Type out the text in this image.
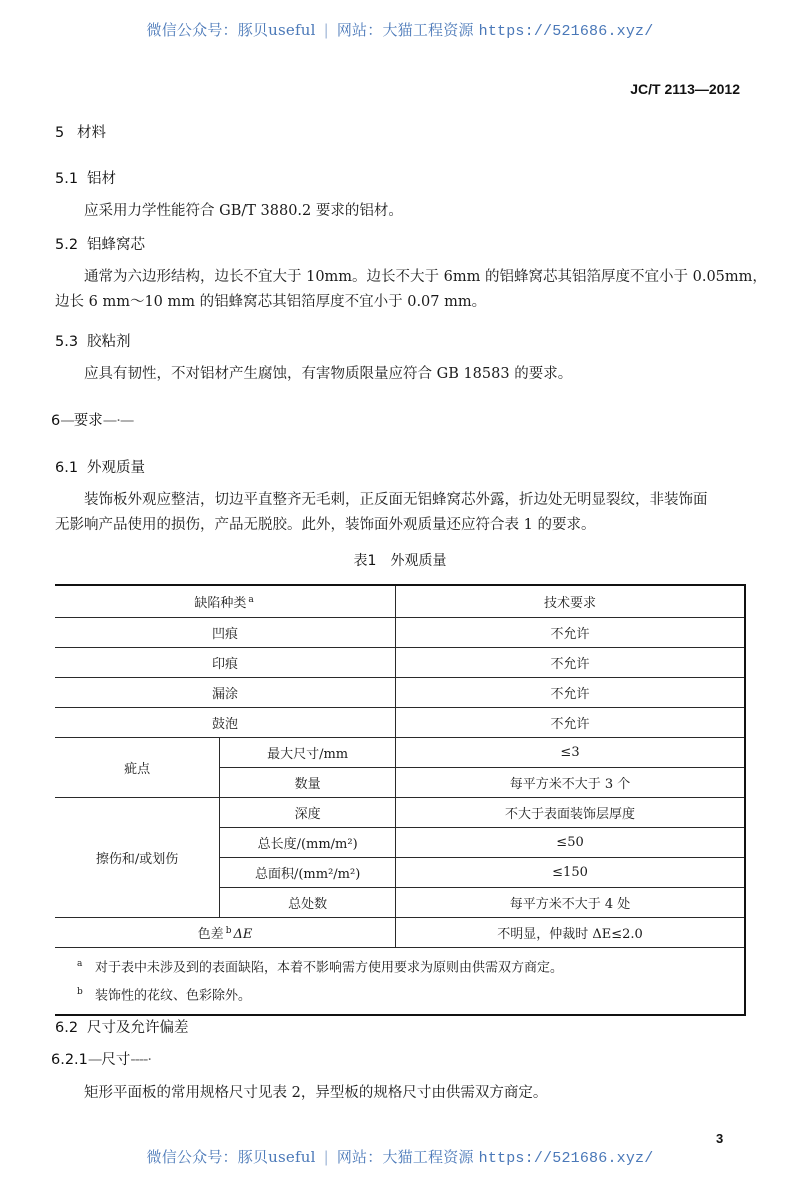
微信公众号：豚贝useful | 网站：大猫工程资源 https://521686.xyz/
JC/T 2113—2012
5 材料
5.1 铝材
应采用力学性能符合 GB/T 3880.2 要求的铝材。
5.2 铝蜂窝芯
通常为六边形结构，边长不宜大于 10mm。边长不大于 6mm 的铝蜂窝芯其铝箔厚度不宜小于 0.05mm，
边长 6 mm～10 mm 的铝蜂窝芯其铝箔厚度不宜小于 0.07 mm。
5.3 胶粘剂
应具有韧性，不对铝材产生腐蚀，有害物质限量应符合 GB 18583 的要求。
6—要求—·—
6.1 外观质量
装饰板外观应整洁，切边平直整齐无毛刺，正反面无铝蜂窝芯外露，折边处无明显裂纹，非装饰面
无影响产品使用的损伤，产品无脱胶。此外，装饰面外观质量还应符合表 1 的要求。
表1 外观质量
缺陷种类 $^a$		技术要求
凹痕		不允许
印痕		不允许
漏涂		不允许
鼓泡		不允许
疵点	最大尺寸/mm	≤3
	数量	每平方米不大于 3 个
擦伤和/或划伤	深度	不大于表面装饰层厚度
	总长度/(mm/m²)	≤50
	总面积/(mm²/m²)	≤150
	总处数	每平方米不大于 4 处
色差 $^b$ ΔE		不明显，仲裁时 ΔE≤2.0

a 对于表中未涉及到的表面缺陷，本着不影响需方使用要求为原则由供需双方商定。
b 装饰性的花纹、色彩除外。		
6.2 尺寸及允许偏差
6.2.1—尺寸----·
矩形平面板的常用规格尺寸见表 2，异型板的规格尺寸由供需双方商定。
3
微信公众号：豚贝useful | 网站：大猫工程资源 https://521686.xyz/
